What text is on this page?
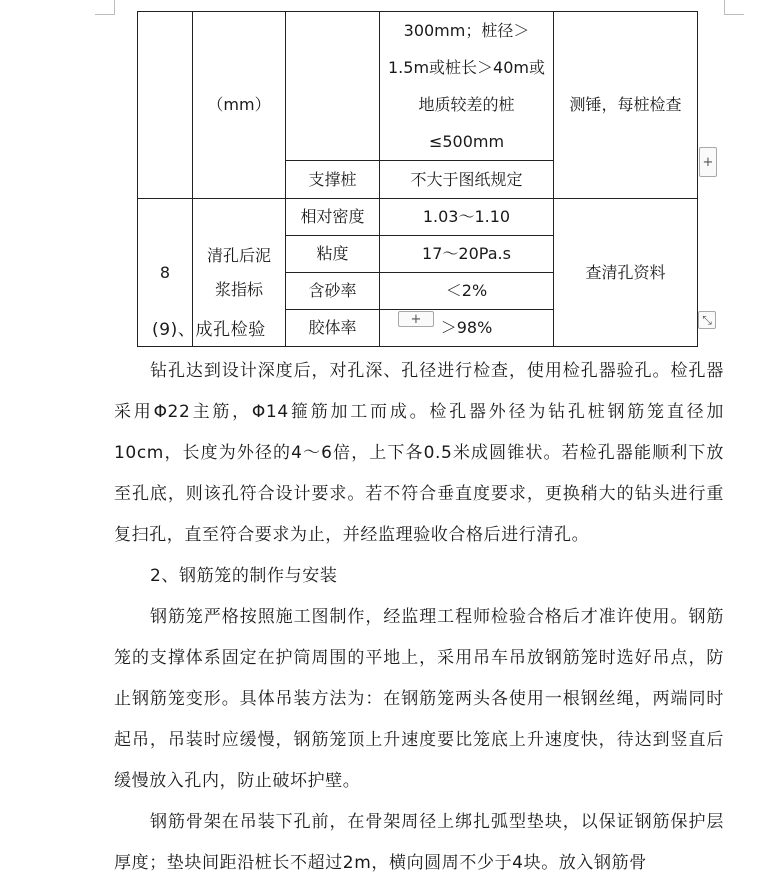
	（mm）		300mm；桩径＞1.5m或桩长＞40m或地质较差的桩≤500mm	测锤，每桩检查
		支撑桩	不大于图纸规定	
8	清孔后泥浆指标	相对密度	1.03～1.10	查清孔资料
		粘度	17～20Pa.s	
		含砂率	＜2%	
		胶体率	＞98%	
+
+	⤡

(9)、成孔检验

钻孔达到设计深度后，对孔深、孔径进行检查，使用检孔器验孔。检孔器采用Φ22主筋，Φ14箍筋加工而成。检孔器外径为钻孔桩钢筋笼直径加10cm，长度为外径的4～6倍，上下各0.5米成圆锥状。若检孔器能顺利下放至孔底，则该孔符合设计要求。若不符合垂直度要求，更换稍大的钻头进行重复扫孔，直至符合要求为止，并经监理验收合格后进行清孔。

2、钢筋笼的制作与安装

钢筋笼严格按照施工图制作，经监理工程师检验合格后才准许使用。钢筋笼的支撑体系固定在护筒周围的平地上，采用吊车吊放钢筋笼时选好吊点，防止钢筋笼变形。具体吊装方法为：在钢筋笼两头各使用一根钢丝绳，两端同时起吊，吊装时应缓慢，钢筋笼顶上升速度要比笼底上升速度快，待达到竖直后缓慢放入孔内，防止破坏护壁。

钢筋骨架在吊装下孔前，在骨架周径上绑扎弧型垫块，以保证钢筋保护层厚度；垫块间距沿桩长不超过2m，横向圆周不少于4块。放入钢筋骨
